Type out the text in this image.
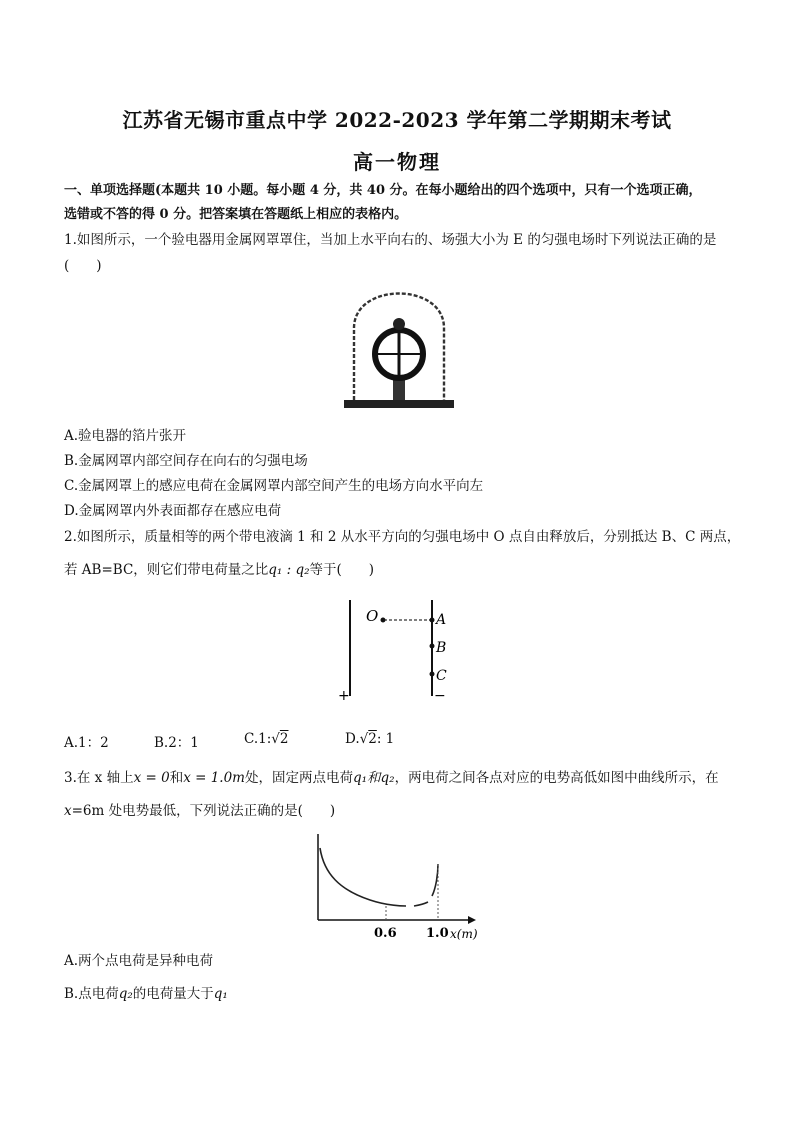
江苏省无锡市重点中学 2022-2023 学年第二学期期末考试
高一物理
一、单项选择题(本题共 10 小题。每小题 4 分，共 40 分。在每小题给出的四个选项中，只有一个选项正确，
选错或不答的得 0 分。把答案填在答题纸上相应的表格内。
1.如图所示，一个验电器用金属网罩罩住，当加上水平向右的、场强大小为 E 的匀强电场时下列说法正确的是
(　　)
A.验电器的箔片张开
B.金属网罩内部空间存在向右的匀强电场
C.金属网罩上的感应电荷在金属网罩内部空间产生的电场方向水平向左
D.金属网罩内外表面都存在感应电荷
2.如图所示，质量相等的两个带电液滴 1 和 2 从水平方向的匀强电场中 O 点自由释放后，分别抵达 B、C 两点，
若 AB=BC，则它们带电荷量之比q₁ : q₂等于(　　)
O	A
B
C
+	−
A.1：2	B.2：1	C.1:√2	D.√2: 1
3.在 x 轴上x = 0和x = 1.0m处，固定两点电荷q₁和q₂，两电荷之间各点对应的电势高低如图中曲线所示，在
x=6m 处电势最低，下列说法正确的是(　　)
0.6 1.0 x(m)
A.两个点电荷是异种电荷
B.点电荷q₂的电荷量大于q₁
